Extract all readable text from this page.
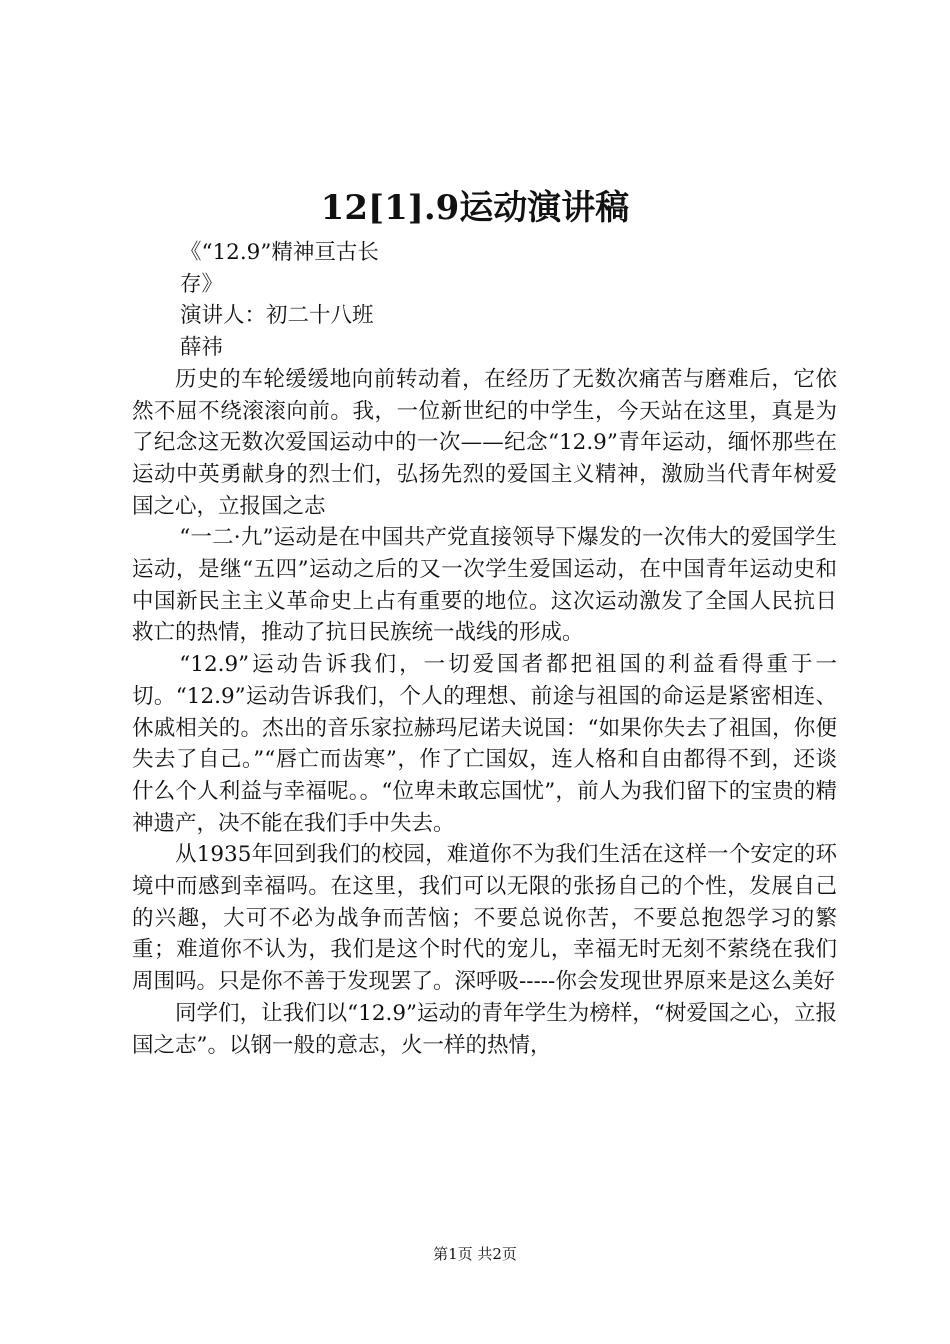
12[1].9运动演讲稿

《“12.9”精神亘古长

存》

演讲人：初二十八班

薛祎

历史的车轮缓缓地向前转动着，在经历了无数次痛苦与磨难后，它依然不屈不绕滚滚向前。我，一位新世纪的中学生，今天站在这里，真是为了纪念这无数次爱国运动中的一次——纪念“12.9”青年运动，缅怀那些在运动中英勇献身的烈士们，弘扬先烈的爱国主义精神，激励当代青年树爱国之心，立报国之志

“一二·九”运动是在中国共产党直接领导下爆发的一次伟大的爱国学生运动，是继“五四”运动之后的又一次学生爱国运动，在中国青年运动史和中国新民主主义革命史上占有重要的地位。这次运动激发了全国人民抗日救亡的热情，推动了抗日民族统一战线的形成。

“12.9”运动告诉我们，一切爱国者都把祖国的利益看得重于一切。“12.9”运动告诉我们，个人的理想、前途与祖国的命运是紧密相连、休戚相关的。杰出的音乐家拉赫玛尼诺夫说国：“如果你失去了祖国，你便失去了自己。”“唇亡而齿寒”，作了亡国奴，连人格和自由都得不到，还谈什么个人利益与幸福呢。。“位卑未敢忘国忧”，前人为我们留下的宝贵的精神遗产，决不能在我们手中失去。

从1935年回到我们的校园，难道你不为我们生活在这样一个安定的环境中而感到幸福吗。在这里，我们可以无限的张扬自己的个性，发展自己的兴趣，大可不必为战争而苦恼；不要总说你苦，不要总抱怨学习的繁重；难道你不认为，我们是这个时代的宠儿，幸福无时无刻不萦绕在我们周围吗。只是你不善于发现罢了。深呼吸-----你会发现世界原来是这么美好

同学们，让我们以“12.9”运动的青年学生为榜样，“树爱国之心，立报国之志”。以钢一般的意志，火一样的热情，

第1页 共2页
